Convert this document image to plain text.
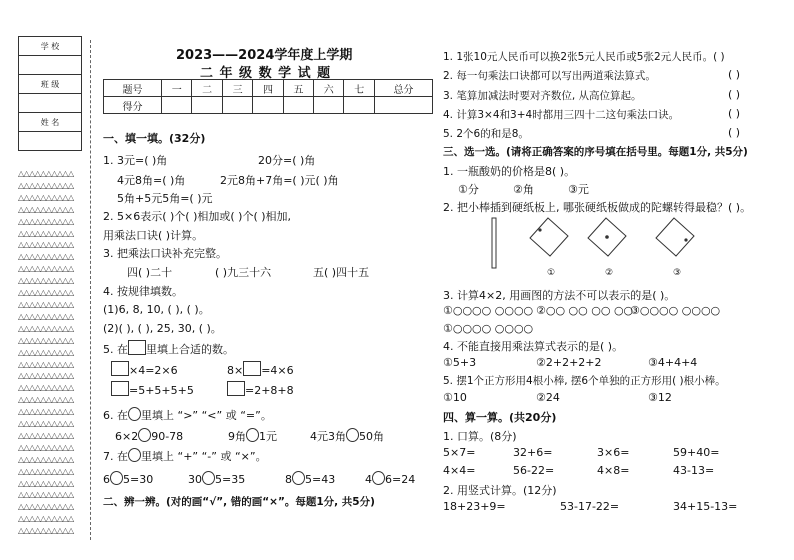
学 校

班 级

姓 名

△△△△△△△△△△
△△△△△△△△△△
△△△△△△△△△△
△△△△△△△△△△
△△△△△△△△△△
△△△△△△△△△△
△△△△△△△△△△
△△△△△△△△△△
△△△△△△△△△△
△△△△△△△△△△
△△△△△△△△△△
△△△△△△△△△△
△△△△△△△△△△
△△△△△△△△△△
△△△△△△△△△△
△△△△△△△△△△
△△△△△△△△△△
△△△△△△△△△△
△△△△△△△△△△
△△△△△△△△△△
△△△△△△△△△△
△△△△△△△△△△
△△△△△△△△△△
△△△△△△△△△△
△△△△△△△△△△
△△△△△△△△△△
△△△△△△△△△△
△△△△△△△△△△
△△△△△△△△△△
△△△△△△△△△△
△△△△△△△△△△
2023——2024学年度上学期
二 年 级 数 学 试 题
题号	一	二	三	四	五	六	七	总分
得分								
一、填一填。(32分)
1. 3元=( )角	20分=( )角
4元8角=( )角	2元8角+7角=( )元( )角
5角+5元5角=( )元
2. 5×6表示( )个( )相加或( )个( )相加,
用乘法口诀( )计算。
3. 把乘法口诀补充完整。
四( )二十	( )九三十六	五( )四十五
4. 按规律填数。
(1)6, 8, 10, ( ), ( )。
(2)( ), ( ), 25, 30, ( )。
5. 在 里填上合适的数。
×4=2×6	8× =4×6
=5+5+5+5	=2+8+8
6. 在 里填上 “>” “<” 或 “=”。
6×2 90-78	9角 1元	4元3角 50角
7. 在 里填上 “+” “-” 或 “×”。
6 5=30	30 5=35	8 5=43	4 6=24
二、辨一辨。(对的画“√”, 错的画“×”。每题1分, 共5分)
1. 1张10元人民币可以换2张5元人民币或5张2元人民币。( )
2. 每一句乘法口诀都可以写出两道乘法算式。	( )
3. 笔算加减法时要对齐数位, 从高位算起。	( )
4. 计算3×4和3+4时都用三四十二这句乘法口诀。	( )
5. 2个6的和是8。	( )
三、选一选。(请将正确答案的序号填在括号里。每题1分, 共5分)
1. 一瓶酸奶的价格是8( )。
①分	②角	③元
2. 把小棒插到硬纸板上, 哪张硬纸板做成的陀螺转得最稳？( )。
①	②	③
3. 计算4×2, 用画图的方法不可以表示的是( )。
①○○○○ ○○○○ ②○○ ○○ ○○ ○○
③○○○○ ○○○○
①○○○○ ○○○○
4. 不能直接用乘法算式表示的是( )。
①5+3	②2+2+2+2	③4+4+4
5. 摆1个正方形用4根小棒, 摆6个单独的正方形用( )根小棒。
①10	②24	③12
四、算一算。(共20分)
1. 口算。(8分)
5×7=	32+6=	3×6=	59+40=
4×4=	56-22=	4×8=	43-13=
2. 用竖式计算。(12分)
18+23+9=	53-17-22=	34+15-13=
